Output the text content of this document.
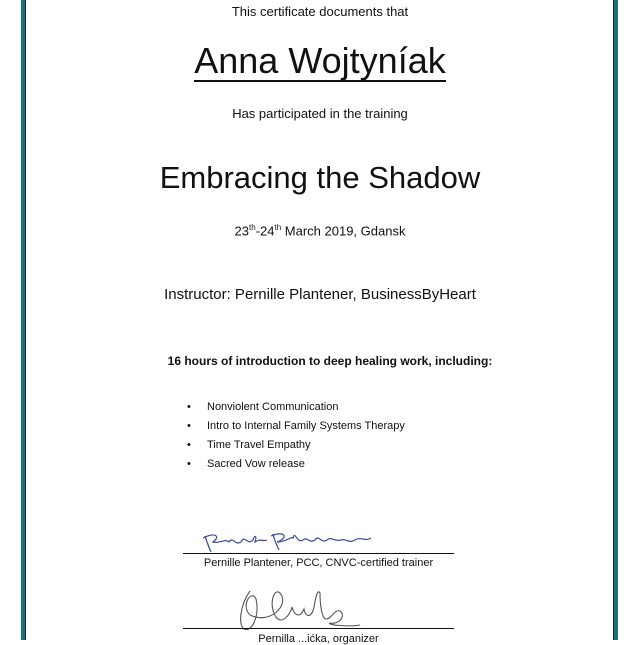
This certificate documents that
Anna Wojtyníak
Has participated in the training
Embracing the Shadow
23th-24th March 2019, Gdansk
Instructor: Pernille Plantener, BusinessByHeart
16 hours of introduction to deep healing work, including:
• Nonviolent Communication
• Intro to Internal Family Systems Therapy
• Time Travel Empathy
• Sacred Vow release
Pernille Plantener, PCC, CNVC-certified trainer
Pernilla ...ićka, organizer
